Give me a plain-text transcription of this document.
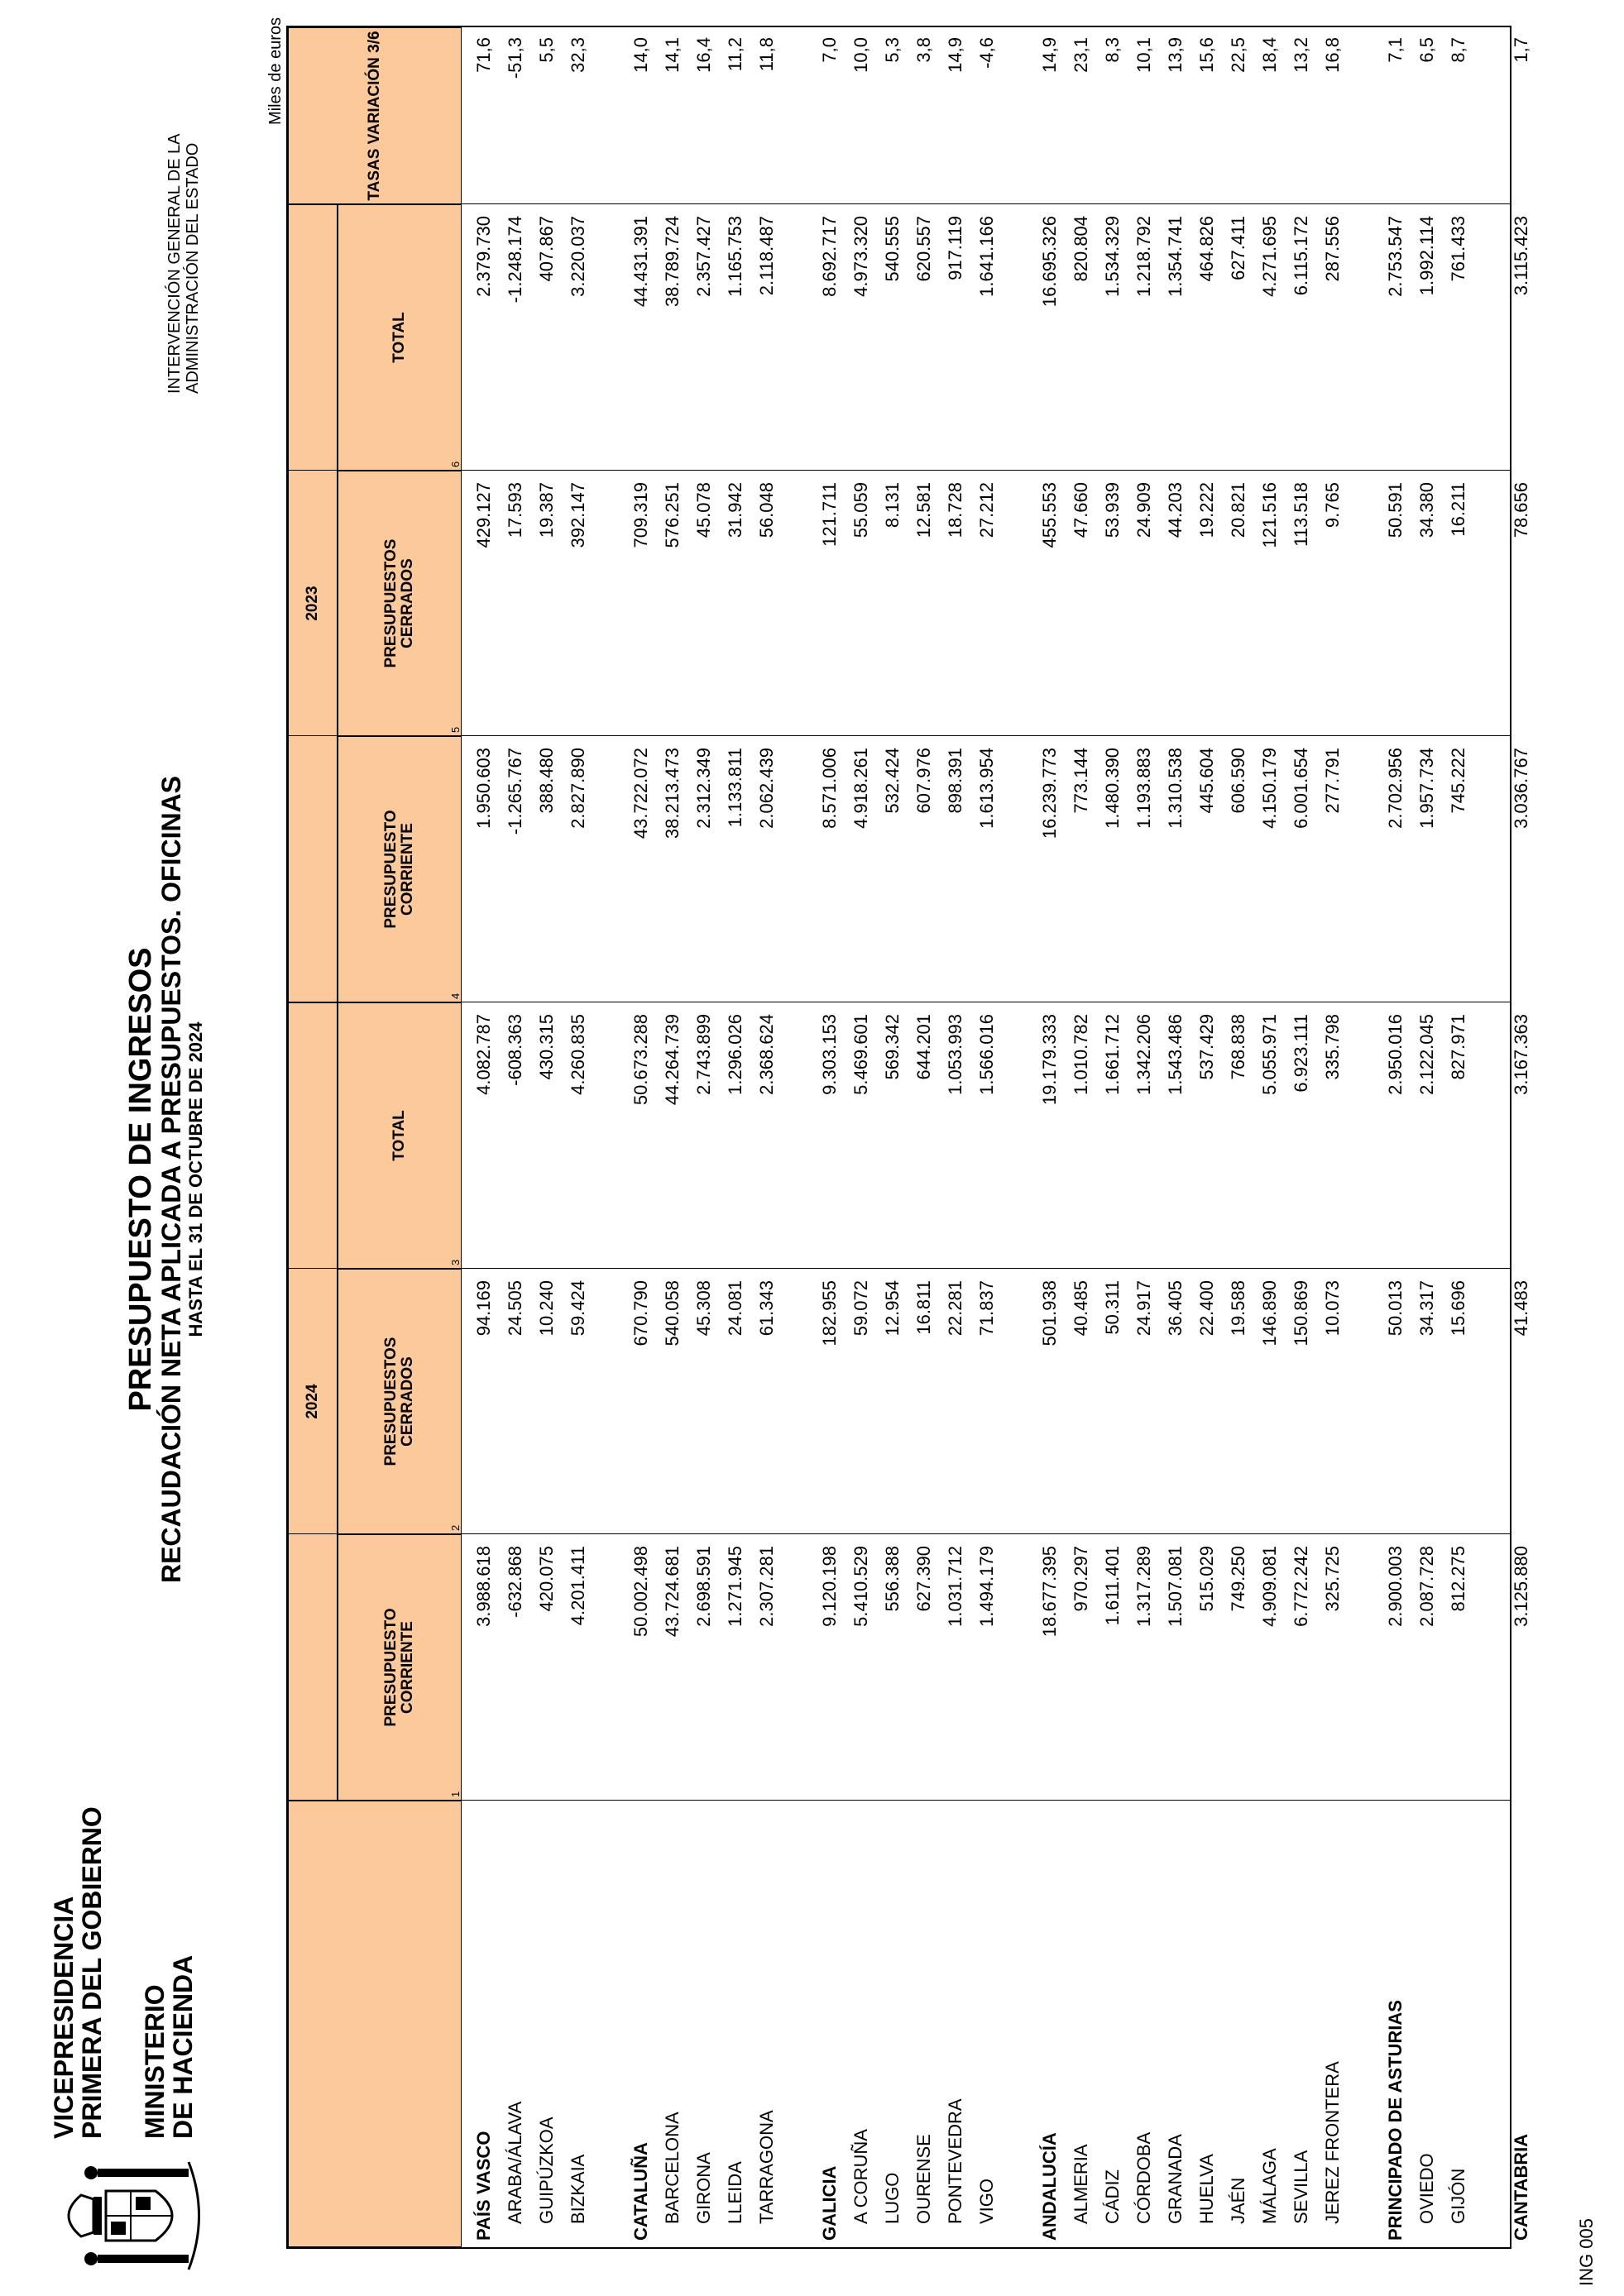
VICEPRESIDENCIA
PRIMERA DEL GOBIERNO MINISTERIO
DE HACIENDA
PRESUPUESTO DE INGRESOS
RECAUDACIÓN NETA APLICADA A PRESUPUESTOS. OFICINAS HASTA EL 31 DE OCTUBRE DE 2024
INTERVENCIÓN GENERAL DE LA ADMINISTRACIÓN DEL ESTADO
Miles de euros
2024
2023
TASAS VARIACIÓN 3/6
PRESUPUESTO CORRIENTE
PRESUPUESTOS CERRADOS
TOTAL
PRESUPUESTO CORRIENTE
PRESUPUESTOS CERRADOS
TOTAL
1
2
3
4
5
6
PAÍS VASCO
3.988.618
94.169
4.082.787
1.950.603
429.127
2.379.730
71,6
ARABA/ÁLAVA
-632.868
24.505
-608.363
-1.265.767
17.593
-1.248.174
-51,3
GUIPÚZKOA
420.075
10.240
430.315
388.480
19.387
407.867
5,5
BIZKAIA
4.201.411
59.424
4.260.835
2.827.890
392.147
3.220.037
32,3
CATALUÑA
50.002.498
670.790
50.673.288
43.722.072
709.319
44.431.391
14,0
BARCELONA
43.724.681
540.058
44.264.739
38.213.473
576.251
38.789.724
14,1
GIRONA
2.698.591
45.308
2.743.899
2.312.349
45.078
2.357.427
16,4
LLEIDA
1.271.945
24.081
1.296.026
1.133.811
31.942
1.165.753
11,2
TARRAGONA
2.307.281
61.343
2.368.624
2.062.439
56.048
2.118.487
11,8
GALICIA
9.120.198
182.955
9.303.153
8.571.006
121.711
8.692.717
7,0
A CORUÑA
5.410.529
59.072
5.469.601
4.918.261
55.059
4.973.320
10,0
LUGO
556.388
12.954
569.342
532.424
8.131
540.555
5,3
OURENSE
627.390
16.811
644.201
607.976
12.581
620.557
3,8
PONTEVEDRA
1.031.712
22.281
1.053.993
898.391
18.728
917.119
14,9
VIGO
1.494.179
71.837
1.566.016
1.613.954
27.212
1.641.166
-4,6
ANDALUCÍA
18.677.395
501.938
19.179.333
16.239.773
455.553
16.695.326
14,9
ALMERIA
970.297
40.485
1.010.782
773.144
47.660
820.804
23,1
CÁDIZ
1.611.401
50.311
1.661.712
1.480.390
53.939
1.534.329
8,3
CÓRDOBA
1.317.289
24.917
1.342.206
1.193.883
24.909
1.218.792
10,1
GRANADA
1.507.081
36.405
1.543.486
1.310.538
44.203
1.354.741
13,9
HUELVA
515.029
22.400
537.429
445.604
19.222
464.826
15,6
JAÉN
749.250
19.588
768.838
606.590
20.821
627.411
22,5
MÁLAGA
4.909.081
146.890
5.055.971
4.150.179
121.516
4.271.695
18,4
SEVILLA
6.772.242
150.869
6.923.111
6.001.654
113.518
6.115.172
13,2
JEREZ FRONTERA
325.725
10.073
335.798
277.791
9.765
287.556
16,8
PRINCIPADO DE ASTURIAS
2.900.003
50.013
2.950.016
2.702.956
50.591
2.753.547
7,1
OVIEDO
2.087.728
34.317
2.122.045
1.957.734
34.380
1.992.114
6,5
GIJÓN
812.275
15.696
827.971
745.222
16.211
761.433
8,7
CANTABRIA
3.125.880
41.483
3.167.363
3.036.767
78.656
3.115.423
1,7
ING 005
